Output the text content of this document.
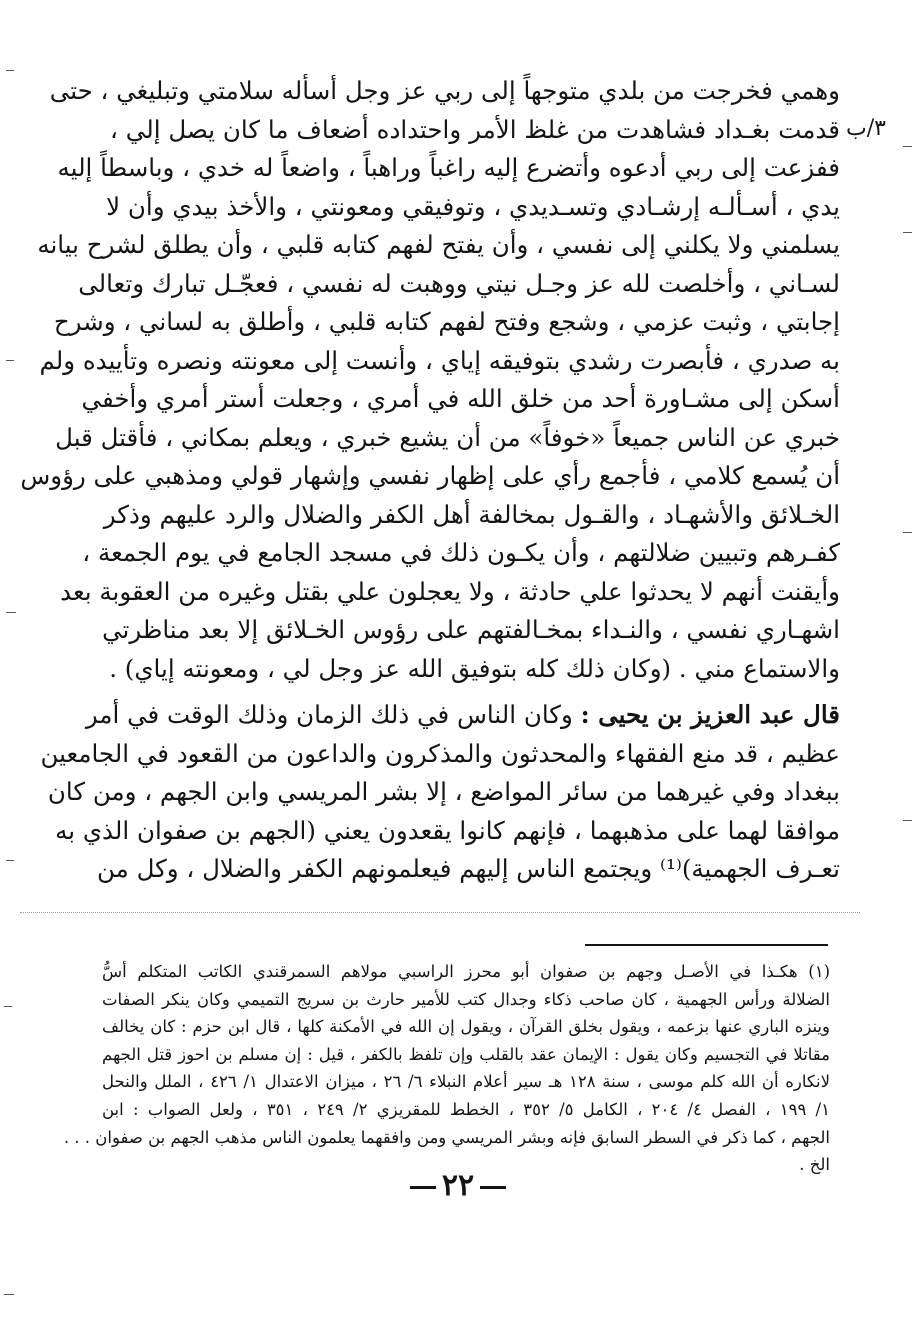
٣/ب
وهمي فخرجت من بلدي متوجهاً إلى ربي عز وجل أسأله سلامتي وتبليغي ، حتى
قدمت بغـداد فشاهدت من غلظ الأمر واحتداده أضعاف ما كان يصل إلي ،
ففزعت إلى ربي أدعوه وأتضرع إليه راغباً وراهباً ، واضعاً له خدي ، وباسطاً إليه
يدي ، أسـألـه إرشـادي وتسـديدي ، وتوفيقي ومعونتي ، والأخذ بيدي وأن لا
يسلمني ولا يكلني إلى نفسي ، وأن يفتح لفهم كتابه قلبي ، وأن يطلق لشرح بيانه
لسـاني ، وأخلصت لله عز وجـل نيتي ووهبت له نفسي ، فعجّـل تبارك وتعالى
إجابتي ، وثبت عزمي ، وشجع وفتح لفهم كتابه قلبي ، وأطلق به لساني ، وشرح
به صدري ، فأبصرت رشدي بتوفيقه إياي ، وأنست إلى معونته ونصره وتأييده ولم
أسكن إلى مشـاورة أحد من خلق الله في أمري ، وجعلت أستر أمري وأخفي
خبري عن الناس جميعاً «خوفاً» من أن يشيع خبري ، ويعلم بمكاني ، فأقتل قبل
أن يُسمع كلامي ، فأجمع رأي على إظهار نفسي وإشهار قولي ومذهبي على رؤوس
الخـلائق والأشهـاد ، والقـول بمخالفة أهل الكفر والضلال والرد عليهم وذكر
كفـرهم وتبيين ضلالتهم ، وأن يكـون ذلك في مسجد الجامع في يوم الجمعة ،
وأيقنت أنهم لا يحدثوا علي حادثة ، ولا يعجلون علي بقتل وغيره من العقوبة بعد
اشهـاري نفسي ، والنـداء بمخـالفتهم على رؤوس الخـلائق إلا بعد مناظرتي
والاستماع مني . (وكان ذلك كله بتوفيق الله عز وجل لي ، ومعونته إياي) .
قال عبد العزيز بن يحيى : وكان الناس في ذلك الزمان وذلك الوقت في أمر
عظيم ، قد منع الفقهاء والمحدثون والمذكرون والداعون من القعود في الجامعين
ببغداد وفي غيرهما من سائر المواضع ، إلا بشر المريسي وابن الجهم ، ومن كان
موافقا لهما على مذهبهما ، فإنهم كانوا يقعدون يعني (الجهم بن صفوان الذي به
تعـرف الجهمية)⁽¹⁾ ويجتمع الناس إليهم فيعلمونهم الكفر والضلال ، وكل من
(١) هكـذا في الأصـل وجهم بن صفوان أبو محرز الراسبي مولاهم السمرقندي الكاتب المتكلم أسُّ
الضلالة ورأس الجهمية ، كان صاحب ذكاء وجدال كتب للأمير حارث بن سريج التميمي وكان ينكر الصفات
وينزه الباري عنها بزعمه ، ويقول بخلق القرآن ، ويقول إن الله في الأمكنة كلها ، قال ابن حزم : كان يخالف
مقاتلا في التجسيم وكان يقول : الإيمان عقد بالقلب وإن تلفظ بالكفر ، قيل : إن مسلم بن احوز قتل الجهم
لانكاره أن الله كلم موسى ، سنة ١٢٨ هـ سير أعلام النبلاء ٦/ ٢٦ ، ميزان الاعتدال ١/ ٤٢٦ ، الملل والنحل
١/ ١٩٩ ، الفصل ٤/ ٢٠٤ ، الكامل ٥/ ٣٥٢ ، الخطط للمقريزي ٢/ ٢٤٩ ، ٣٥١ ، ولعل الصواب : ابن
الجهم ، كما ذكر في السطر السابق فإنه وبشر المريسي ومن وافقهما يعلمون الناس مذهب الجهم بن صفوان . . .
الخ .
٢٢
